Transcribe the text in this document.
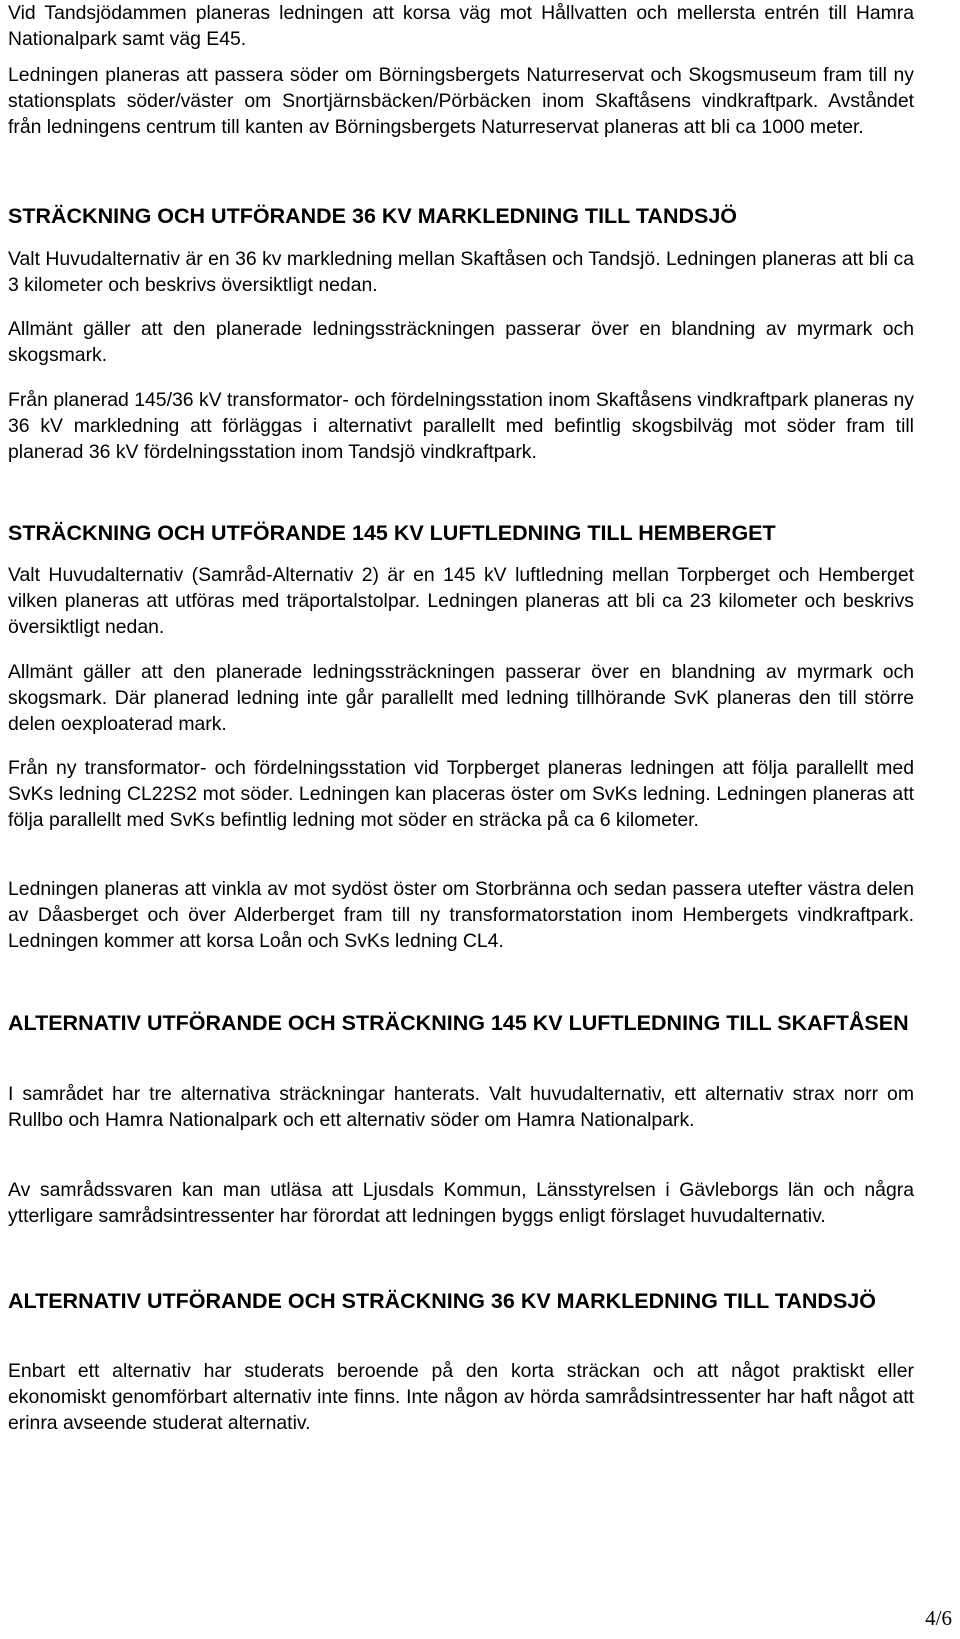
Vid Tandsjödammen planeras ledningen att korsa väg mot Hållvatten och mellersta entrén till Hamra Nationalpark samt väg E45.

Ledningen planeras att passera söder om Börningsbergets Naturreservat och Skogsmuseum fram till ny stationsplats söder/väster om Snortjärnsbäcken/Pörbäcken inom Skaftåsens vindkraftpark. Avståndet från ledningens centrum till kanten av Börningsbergets Naturreservat planeras att bli ca 1000 meter.

STRÄCKNING OCH UTFÖRANDE 36 KV MARKLEDNING TILL TANDSJÖ

Valt Huvudalternativ är en 36 kv markledning mellan Skaftåsen och Tandsjö. Ledningen planeras att bli ca 3 kilometer och beskrivs översiktligt nedan.

Allmänt gäller att den planerade ledningssträckningen passerar över en blandning av myrmark och skogsmark.

Från planerad 145/36 kV transformator- och fördelningsstation inom Skaftåsens vindkraftpark planeras ny 36 kV markledning att förläggas i alternativt parallellt med befintlig skogsbilväg mot söder fram till planerad 36 kV fördelningsstation inom Tandsjö vindkraftpark.

STRÄCKNING OCH UTFÖRANDE 145 KV LUFTLEDNING TILL HEMBERGET

Valt Huvudalternativ (Samråd-Alternativ 2) är en 145 kV luftledning mellan Torpberget och Hemberget vilken planeras att utföras med träportalstolpar. Ledningen planeras att bli ca 23 kilometer och beskrivs översiktligt nedan.

Allmänt gäller att den planerade ledningssträckningen passerar över en blandning av myrmark och skogsmark. Där planerad ledning inte går parallellt med ledning tillhörande SvK planeras den till större delen oexploaterad mark.

Från ny transformator- och fördelningsstation vid Torpberget planeras ledningen att följa parallellt med SvKs ledning CL22S2 mot söder. Ledningen kan placeras öster om SvKs ledning. Ledningen planeras att följa parallellt med SvKs befintlig ledning mot söder en sträcka på ca 6 kilometer.

Ledningen planeras att vinkla av mot sydöst öster om Storbränna och sedan passera utefter västra delen av Dåasberget och över Alderberget fram till ny transformatorstation inom Hembergets vindkraftpark. Ledningen kommer att korsa Loån och SvKs ledning CL4.

ALTERNATIV UTFÖRANDE OCH STRÄCKNING 145 KV LUFTLEDNING TILL SKAFTÅSEN

I samrådet har tre alternativa sträckningar hanterats. Valt huvudalternativ, ett alternativ strax norr om Rullbo och Hamra Nationalpark och ett alternativ söder om Hamra Nationalpark.

Av samrådssvaren kan man utläsa att Ljusdals Kommun, Länsstyrelsen i Gävleborgs län och några ytterligare samrådsintressenter har förordat att ledningen byggs enligt förslaget huvudalternativ.

ALTERNATIV UTFÖRANDE OCH STRÄCKNING 36 KV MARKLEDNING TILL TANDSJÖ

Enbart ett alternativ har studerats beroende på den korta sträckan och att något praktiskt eller ekonomiskt genomförbart alternativ inte finns. Inte någon av hörda samrådsintressenter har haft något att erinra avseende studerat alternativ.

4/6
